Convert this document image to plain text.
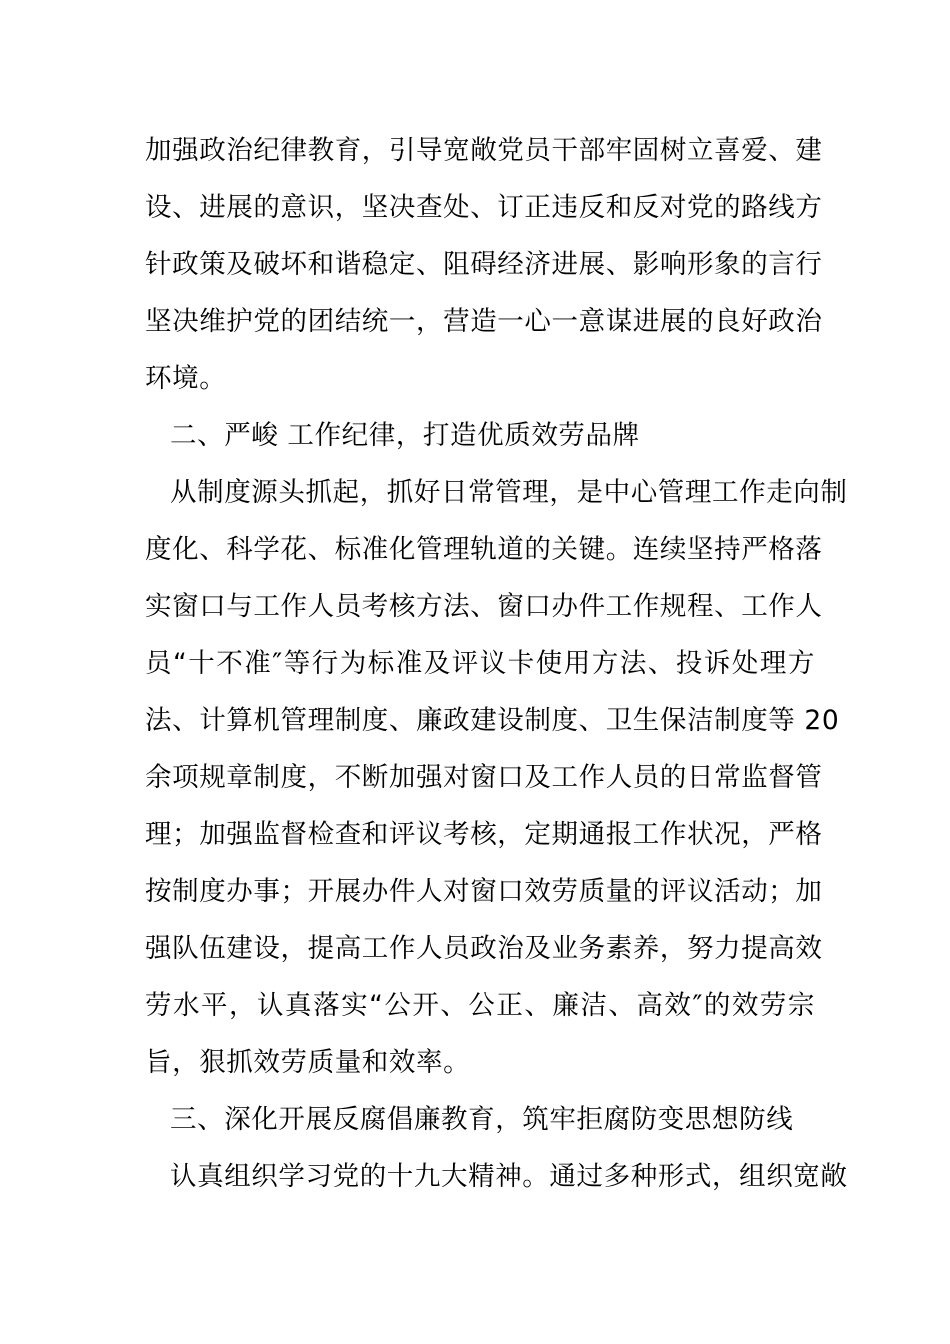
加强政治纪律教育，引导宽敞党员干部牢固树立喜爱、建
设、进展的意识，坚决查处、订正违反和反对党的路线方
针政策及破坏和谐稳定、阻碍经济进展、影响形象的言行
坚决维护党的团结统一，营造一心一意谋进展的良好政治
环境。
二、严峻 工作纪律，打造优质效劳品牌
从制度源头抓起，抓好日常管理，是中心管理工作走向制
度化、科学花、标准化管理轨道的关键。连续坚持严格落
实窗口与工作人员考核方法、窗口办件工作规程、工作人
员“十不准″等行为标准及评议卡使用方法、投诉处理方
法、计算机管理制度、廉政建设制度、卫生保洁制度等 20
余项规章制度，不断加强对窗口及工作人员的日常监督管
理；加强监督检查和评议考核，定期通报工作状况，严格
按制度办事；开展办件人对窗口效劳质量的评议活动；加
强队伍建设，提高工作人员政治及业务素养，努力提高效
劳水平，认真落实“公开、公正、廉洁、高效″的效劳宗
旨，狠抓效劳质量和效率。
三、深化开展反腐倡廉教育，筑牢拒腐防变思想防线
认真组织学习党的十九大精神。通过多种形式，组织宽敞
